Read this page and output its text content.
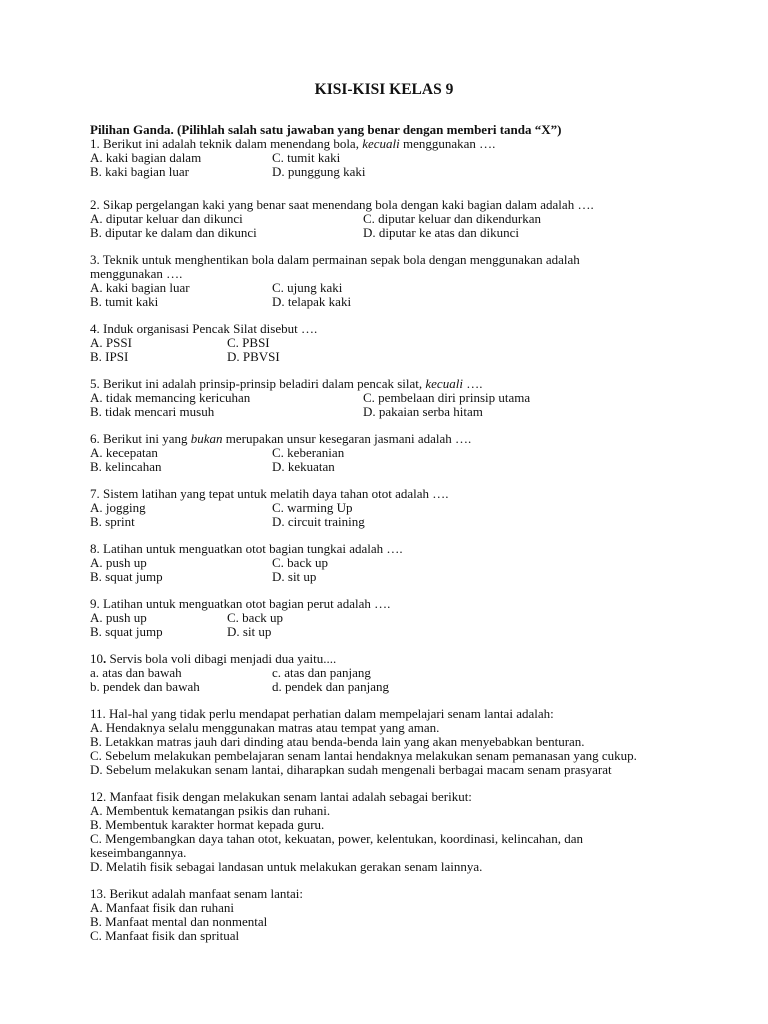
KISI-KISI KELAS 9
Pilihan Ganda. (Pilihlah salah satu jawaban yang benar dengan memberi tanda “X”)
1. Berikut ini adalah teknik dalam menendang bola, kecuali menggunakan ….
A. kaki bagian dalam	C. tumit kaki
B. kaki bagian luar	D. punggung kaki
2. Sikap pergelangan kaki yang benar saat menendang bola dengan kaki bagian dalam adalah ….
A. diputar keluar dan dikunci	C. diputar keluar dan dikendurkan
B. diputar ke dalam dan dikunci	D. diputar ke atas dan dikunci
3. Teknik untuk menghentikan bola dalam permainan sepak bola dengan menggunakan adalah
menggunakan ….
A. kaki bagian luar	C. ujung kaki
B. tumit kaki	D. telapak kaki
4. Induk organisasi Pencak Silat disebut ….
A. PSSI	C. PBSI
B. IPSI	D. PBVSI
5. Berikut ini adalah prinsip-prinsip beladiri dalam pencak silat, kecuali ….
A. tidak memancing kericuhan	C. pembelaan diri prinsip utama
B. tidak mencari musuh	D. pakaian serba hitam
6. Berikut ini yang bukan merupakan unsur kesegaran jasmani adalah ….
A. kecepatan	C. keberanian
B. kelincahan	D. kekuatan
7. Sistem latihan yang tepat untuk melatih daya tahan otot adalah ….
A. jogging	C. warming Up
B. sprint	D. circuit training
8. Latihan untuk menguatkan otot bagian tungkai adalah ….
A. push up	C. back up
B. squat jump	D. sit up
9. Latihan untuk menguatkan otot bagian perut adalah ….
A. push up	C. back up
B. squat jump	D. sit up
10. Servis bola voli dibagi menjadi dua yaitu....
a. atas dan bawah	c. atas dan panjang
b. pendek dan bawah	d. pendek dan panjang
11. Hal-hal yang tidak perlu mendapat perhatian dalam mempelajari senam lantai adalah:
A. Hendaknya selalu menggunakan matras atau tempat yang aman.
B. Letakkan matras jauh dari dinding atau benda-benda lain yang akan menyebabkan benturan.
C. Sebelum melakukan pembelajaran senam lantai hendaknya melakukan senam pemanasan yang cukup.
D. Sebelum melakukan senam lantai, diharapkan sudah mengenali berbagai macam senam prasyarat
12. Manfaat fisik dengan melakukan senam lantai adalah sebagai berikut:
A. Membentuk kematangan psikis dan ruhani.
B. Membentuk karakter hormat kepada guru.
C. Mengembangkan daya tahan otot, kekuatan, power, kelentukan, koordinasi, kelincahan, dan keseimbangannya.
D. Melatih fisik sebagai landasan untuk melakukan gerakan senam lainnya.
13. Berikut adalah manfaat senam lantai:
A. Manfaat fisik dan ruhani
B. Manfaat mental dan nonmental
C. Manfaat fisik dan spritual
